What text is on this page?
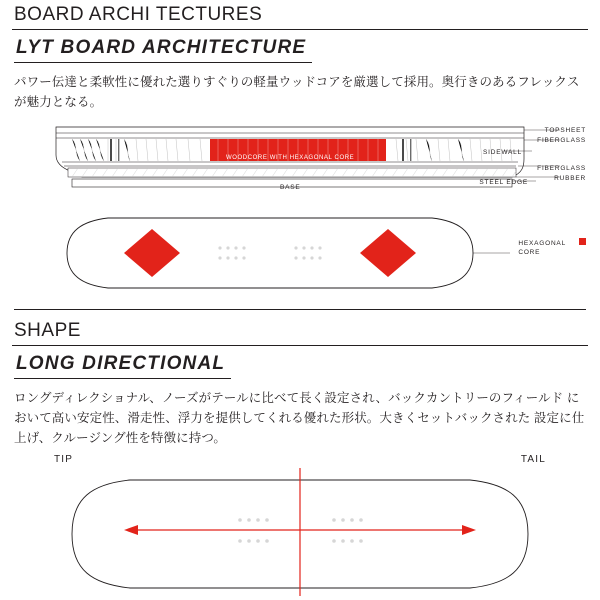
BOARD ARCHI TECTURES
LYT BOARD ARCHITECTURE

パワー伝達と柔軟性に優れた選りすぐりの軽量ウッドコアを厳選して採用。奥行きのあるフレックスが魅力となる。

TOPSHEET
FIBERGLASS
FIBERGLASS
RUBBER
SIDEWALL
STEEL EDGE
BASE
WOODCORE WITH HEXAGONAL CORE
HEXAGONAL
CORE
SHAPE
LONG DIRECTIONAL

ロングディレクショナル、ノーズがテールに比べて長く設定され、バックカントリーのフィールド において高い安定性、滑走性、浮力を提供してくれる優れた形状。大きくセットバックされた 設定に仕上げ、クルージング性を特徴に持つ。

TIP	TAIL
